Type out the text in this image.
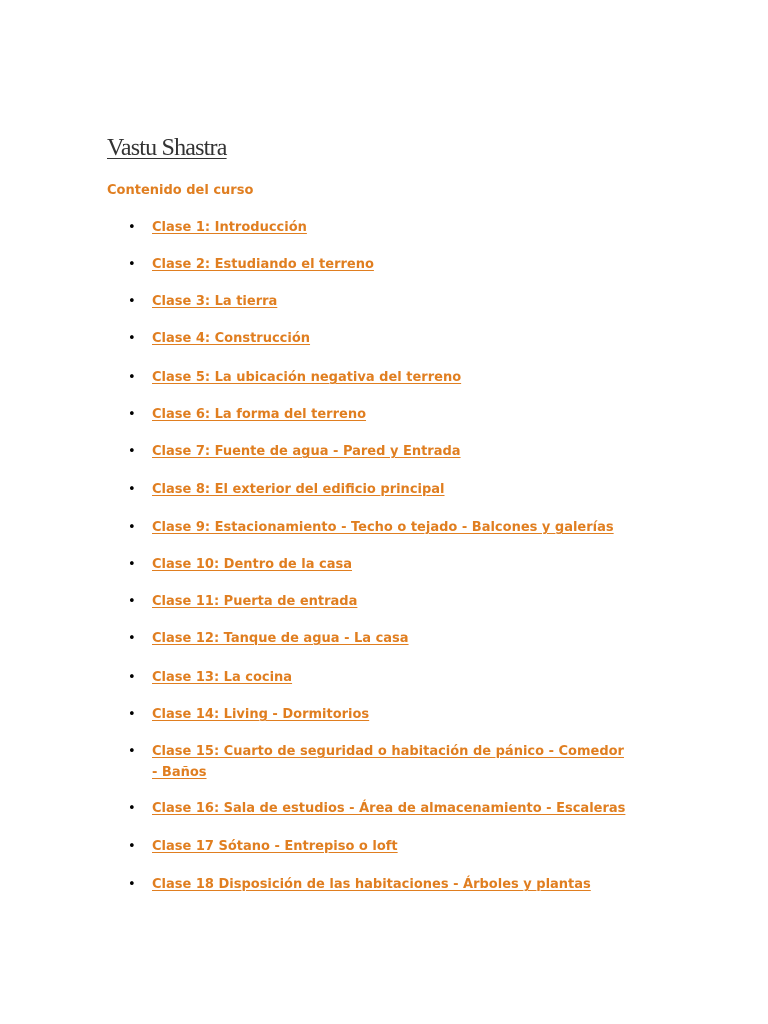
Vastu Shastra
Contenido del curso
• Clase 1: Introducción
• Clase 2: Estudiando el terreno
• Clase 3: La tierra
• Clase 4: Construcción
• Clase 5: La ubicación negativa del terreno
• Clase 6: La forma del terreno
• Clase 7: Fuente de agua - Pared y Entrada
• Clase 8: El exterior del edificio principal
• Clase 9: Estacionamiento - Techo o tejado - Balcones y galerías
• Clase 10: Dentro de la casa
• Clase 11: Puerta de entrada
• Clase 12: Tanque de agua - La casa
• Clase 13: La cocina
• Clase 14: Living - Dormitorios
• Clase 15: Cuarto de seguridad o habitación de pánico - Comedor - Baños
• Clase 16: Sala de estudios - Área de almacenamiento - Escaleras
• Clase 17 Sótano - Entrepiso o loft
• Clase 18 Disposición de las habitaciones - Árboles y plantas
